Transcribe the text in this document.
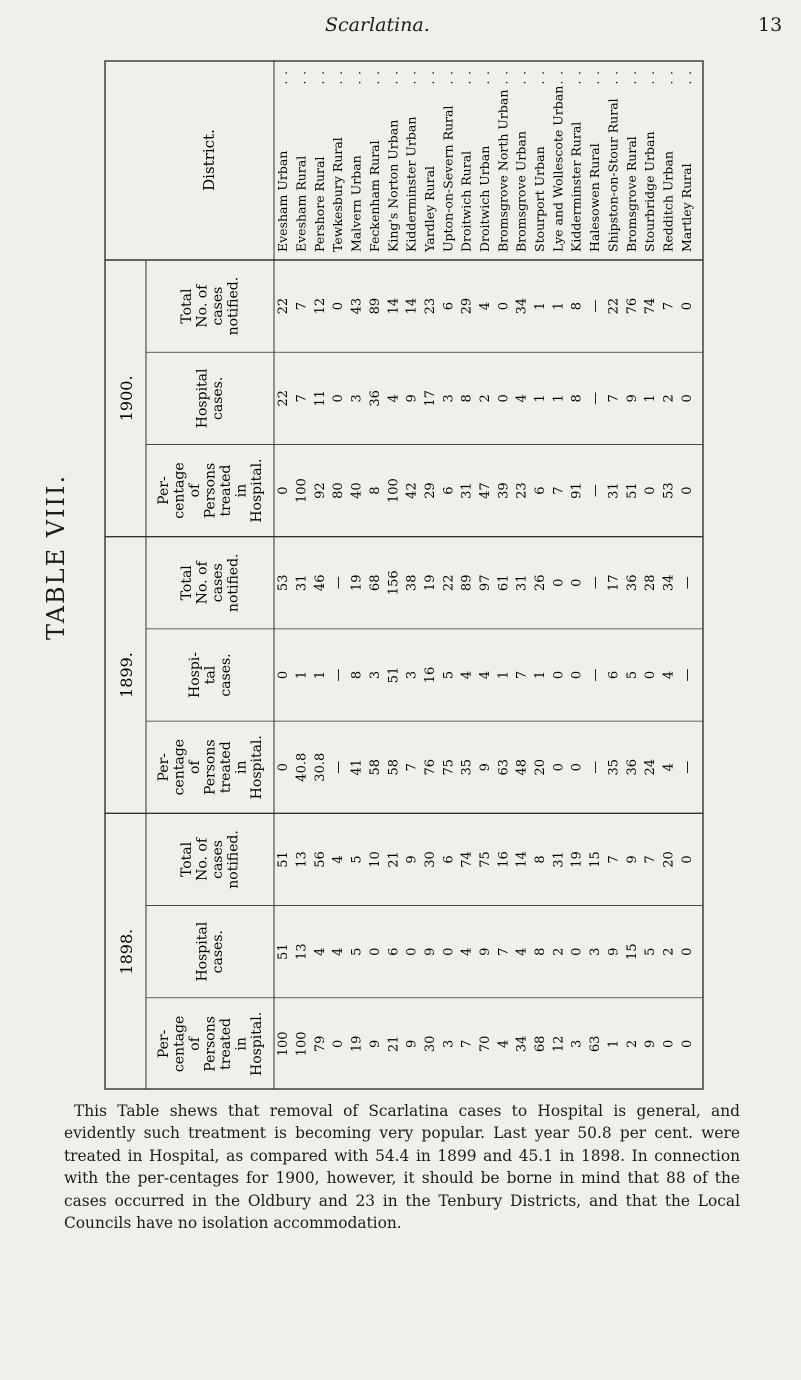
Scarlatina.	13
TABLE VIII.
1898.
1899.
1900.
Per- centage of Persons treated in Hospital.
Hospital cases.
Total No. of cases notified.
Per- centage of Persons treated in Hospital.
Hospi- tal cases.
Total No. of cases notified.
Per- centage of Persons treated in Hospital.
Hospital cases.
Total No. of cases notified.
District.	Evesham Urban
. .
100
51
51
0
0
53
0
22
22
Evesham Rural
. .
100
13
13
40.8
1
31
100
7
7
Pershore Rural
. .
79
4
56
30.8
1
46
92
11
12
Tewkesbury Rural
. .
0
4
4
—
—
—
80
0
0
Malvern Urban
. .
19
5
5
41
8
19
40
3
43
Feckenham Rural
. .
9
0
10
58
3
68
8
36
89
King's Norton Urban
. .
21
6
21
58
51
156
100
4
14
Kidderminster Urban
. .
9
0
9
7
3
38
42
9
14
Yardley Rural
. .
30
9
30
76
16
19
29
17
23
Upton-on-Severn Rural
. .
3
0
6
75
5
22
6
3
6
Droitwich Rural
. .
7
4
74
35
4
89
31
8
29
Droitwich Urban
. .
70
9
75
9
4
97
47
2
4
Bromsgrove North Urban
. .
4
7
16
63
1
61
39
0
0
Bromsgrove Urban
. .
34
4
14
48
7
31
23
4
34
Stourport Urban
. .
68
8
8
20
1
26
6
1
1
Lye and Wollescote Urban
. .
12
2
31
0
0
0
7
1
1
Kidderminster Rural
. .
3
0
19
0
0
0
91
8
8
Halesowen Rural
. .
63
3
15
—
—
—
—
—
—
Shipston-on-Stour Rural
. .
1
9
7
35
6
17
31
7
22
Bromsgrove Rural
. .
2
15
9
36
5
36
51
9
76
Stourbridge Urban
. .
9
5
7
24
0
28
0
1
74
Redditch Urban
. .
0
2
20
4
4
34
53
2
7
Martley Rural
. .
0
0
0
—
—
—
0
0
0

This Table shews that removal of Scarlatina cases to Hospital is general, and evidently such treatment is becoming very popular. Last year 50.8 per cent. were treated in Hospital, as compared with 54.4 in 1899 and 45.1 in 1898. In connection with the per-centages for 1900, however, it should be borne in mind that 88 of the cases occurred in the Oldbury and 23 in the Tenbury Districts, and that the Local Councils have no isolation accommodation.
